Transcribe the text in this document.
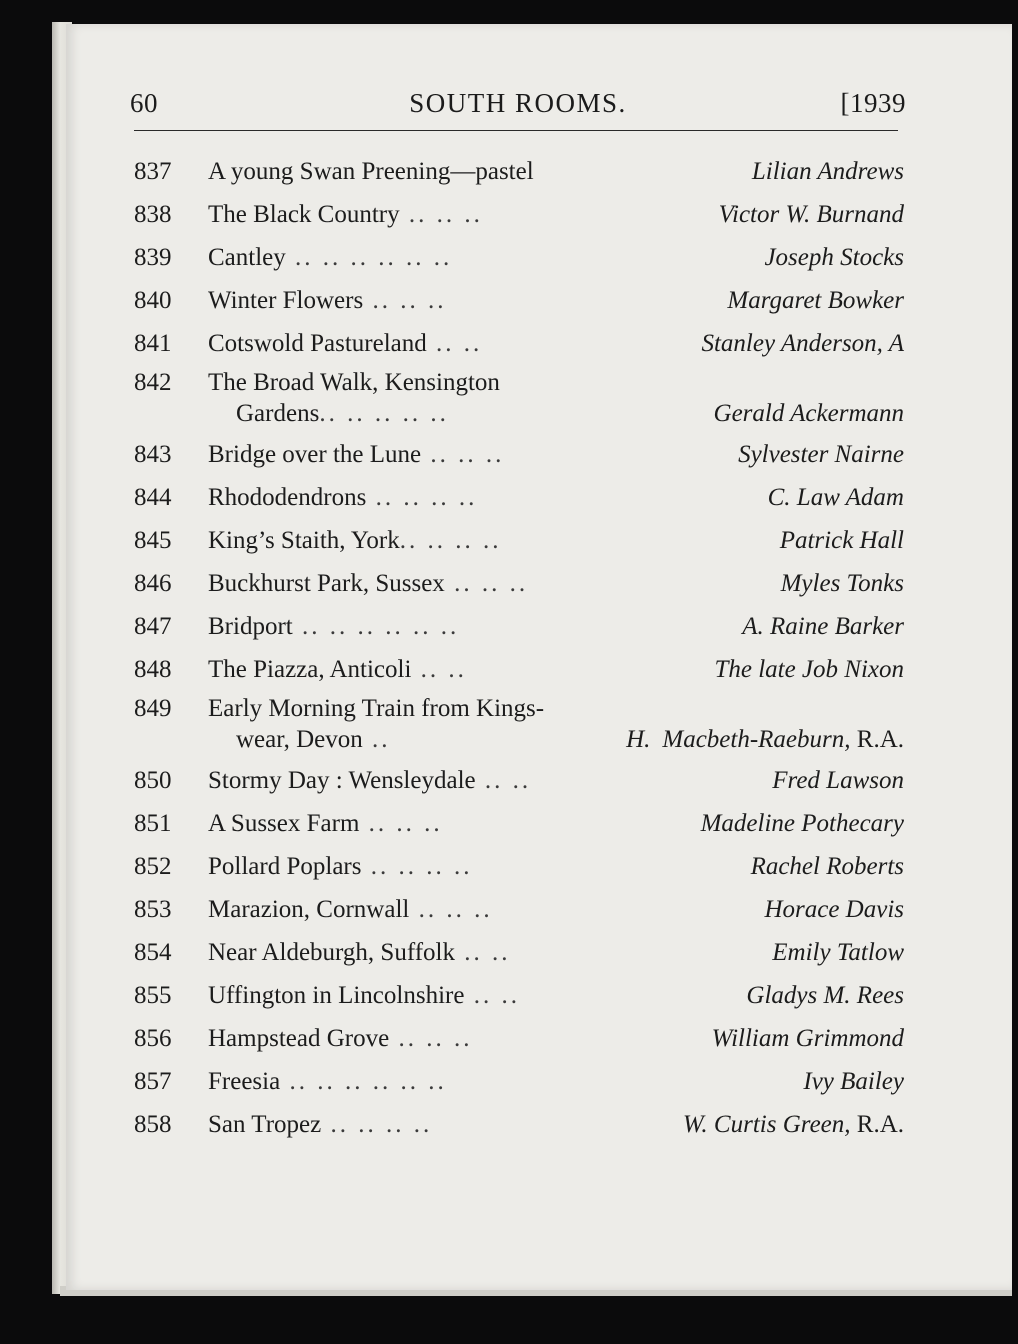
60	SOUTH ROOMS.	[1939
837	A young Swan Preening—pastel	Lilian Andrews
838	The Black Country .. .. ..	Victor W. Burnand
839	Cantley .. .. .. .. .. ..	Joseph Stocks
840	Winter Flowers .. .. ..	Margaret Bowker
841	Cotswold Pastureland .. ..	Stanley Anderson, A
842	The Broad Walk, Kensington
Gardens.. .. .. .. ..	Gerald Ackermann
843	Bridge over the Lune .. .. ..	Sylvester Nairne
844	Rhododendrons .. .. .. ..	C. Law Adam
845	King’s Staith, York.. .. .. ..	Patrick Hall
846	Buckhurst Park, Sussex .. .. ..	Myles Tonks
847	Bridport .. .. .. .. .. ..	A. Raine Barker
848	The Piazza, Anticoli .. ..	The late Job Nixon
849	Early Morning Train from Kings-
wear, Devon ..	H. Macbeth-Raeburn, R.A.
850	Stormy Day : Wensleydale .. ..	Fred Lawson
851	A Sussex Farm .. .. ..	Madeline Pothecary
852	Pollard Poplars .. .. .. ..	Rachel Roberts
853	Marazion, Cornwall .. .. ..	Horace Davis
854	Near Aldeburgh, Suffolk .. ..	Emily Tatlow
855	Uffington in Lincolnshire .. ..	Gladys M. Rees
856	Hampstead Grove .. .. ..	William Grimmond
857	Freesia .. .. .. .. .. ..	Ivy Bailey
858	San Tropez .. .. .. ..	W. Curtis Green, R.A.
